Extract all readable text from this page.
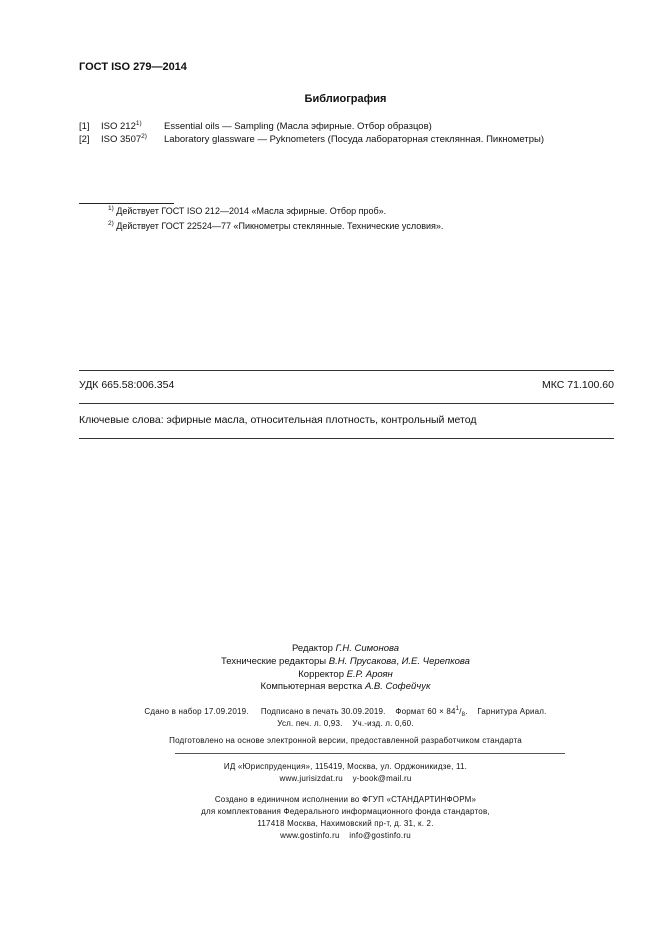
ГОСТ ISO 279—2014
Библиография
[1] ISO 212$^{1)}$ Essential oils — Sampling (Масла эфирные. Отбор образцов)
[2] ISO 3507$^{2)}$ Laboratory glassware — Pyknometers (Посуда лабораторная стеклянная. Пикнометры)
$^{1)}$ Действует ГОСТ ISO 212—2014 «Масла эфирные. Отбор проб».
$^{2)}$ Действует ГОСТ 22524—77 «Пикнометры стеклянные. Технические условия».
УДК 665.58:006.354	МКС 71.100.60
Ключевые слова: эфирные масла, относительная плотность, контрольный метод
Редактор Г.Н. Симонова
Технические редакторы В.Н. Прусакова, И.Е. Черепкова
Корректор Е.Р. Ароян
Компьютерная верстка А.В. Софейчук
Сдано в набор 17.09.2019. Подписано в печать 30.09.2019. Формат $60 \times 84^1/_8$.    Гарнитура Ариал.
Усл. печ. л. 0,93. Уч.-изд. л. 0,60.
Подготовлено на основе электронной версии, предоставленной разработчиком стандарта
ИД «Юриспруденция», 115419, Москва, ул. Орджоникидзе, 11.
www.jurisizdat.ru y-book@mail.ru
Создано в единичном исполнении во ФГУП «СТАНДАРТИНФОРМ»
для комплектования Федерального информационного фонда стандартов,
117418 Москва, Нахимовский пр-т, д. 31, к. 2.
www.gostinfo.ru info@gostinfo.ru
